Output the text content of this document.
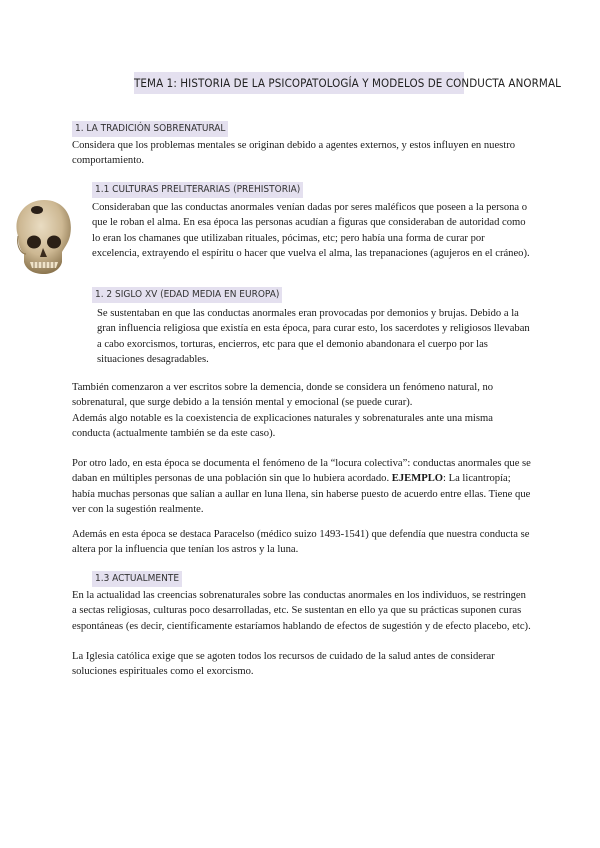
TEMA 1: HISTORIA DE LA PSICOPATOLOGÍA Y MODELOS DE CONDUCTA ANORMAL
1. LA TRADICIÓN SOBRENATURAL
Considera que los problemas mentales se originan debido a agentes externos, y estos influyen en nuestro comportamiento.
1.1 CULTURAS PRELITERARIAS (PREHISTORIA)
Consideraban que las conductas anormales venían dadas por seres maléficos que poseen a la persona o que le roban el alma. En esa época las personas acudían a figuras que consideraban de autoridad como lo eran los chamanes que utilizaban rituales, pócimas, etc; pero había una forma de curar por excelencia, extrayendo el espíritu o hacer que vuelva el alma, las trepanaciones (agujeros en el cráneo).
1. 2 SIGLO XV (EDAD MEDIA EN EUROPA)
Se sustentaban en que las conductas anormales eran provocadas por demonios y brujas. Debido a la gran influencia religiosa que existía en esta época, para curar esto, los sacerdotes y religiosos llevaban a cabo exorcismos, torturas, encierros, etc para que el demonio abandonara el cuerpo por las situaciones desagradables.
También comenzaron a ver escritos sobre la demencia, donde se considera un fenómeno natural, no sobrenatural, que surge debido a la tensión mental y emocional (se puede curar).
Además algo notable es la coexistencia de explicaciones naturales y sobrenaturales ante una misma conducta (actualmente también se da este caso).
Por otro lado, en esta época se documenta el fenómeno de la “locura colectiva”: conductas anormales que se daban en múltiples personas de una población sin que lo hubiera acordado. EJEMPLO: La licantropía; había muchas personas que salían a aullar en luna llena, sin haberse puesto de acuerdo entre ellas. Tiene que ver con la sugestión realmente.
Además en esta época se destaca Paracelso (médico suizo 1493-1541) que defendía que nuestra conducta se altera por la influencia que tenían los astros y la luna.
1.3 ACTUALMENTE
En la actualidad las creencias sobrenaturales sobre las conductas anormales en los individuos, se restringen a sectas religiosas, culturas poco desarrolladas, etc. Se sustentan en ello ya que su prácticas suponen curas espontáneas (es decir, científicamente estaríamos hablando de efectos de sugestión y de efecto placebo, etc).
La Iglesia católica exige que se agoten todos los recursos de cuidado de la salud antes de considerar soluciones espirituales como el exorcismo.
